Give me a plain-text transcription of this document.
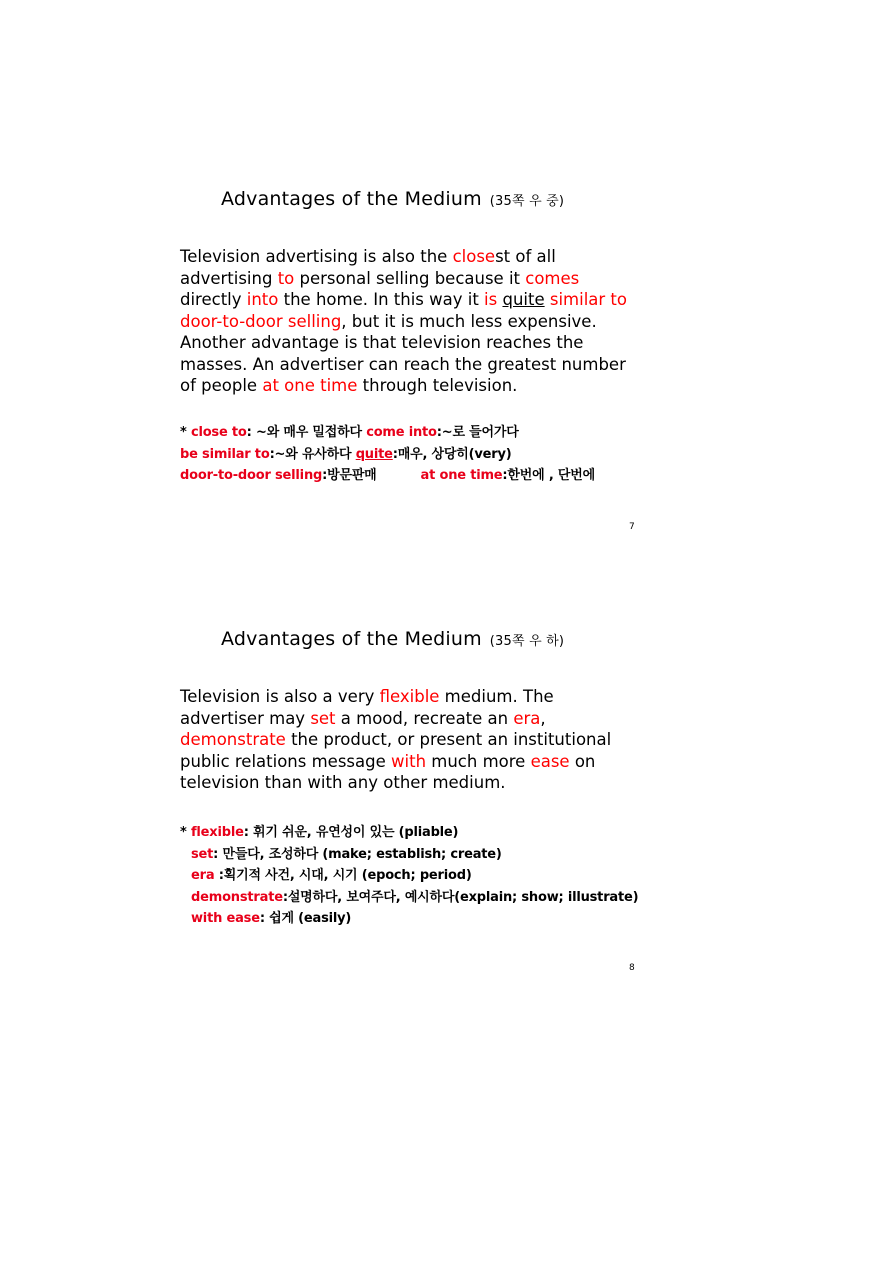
Advantages of the Medium (35쪽 우 중)
Television advertising is also the closest of all
advertising to personal selling because it comes
directly into the home. In this way it is quite similar to
door-to-door selling, but it is much less expensive.
Another advantage is that television reaches the
masses. An advertiser can reach the greatest number
of people at one time through television.
* close to: ~와 매우 밀접하다 come into:~로 들어가다
be similar to:~와 유사하다 quite:매우, 상당히(very)
door-to-door selling:방문판매	at one time:한번에 , 단번에
7
Advantages of the Medium (35쪽 우 하)
Television is also a very flexible medium. The
advertiser may set a mood, recreate an era,
demonstrate the product, or present an institutional
public relations message with much more ease on
television than with any other medium.
* flexible: 휘기 쉬운, 유연성이 있는 (pliable)
set: 만들다, 조성하다 (make; establish; create)
era :획기적 사건, 시대, 시기 (epoch; period)
demonstrate:설명하다, 보여주다, 예시하다(explain; show; illustrate)
with ease: 쉽게 (easily)
8
